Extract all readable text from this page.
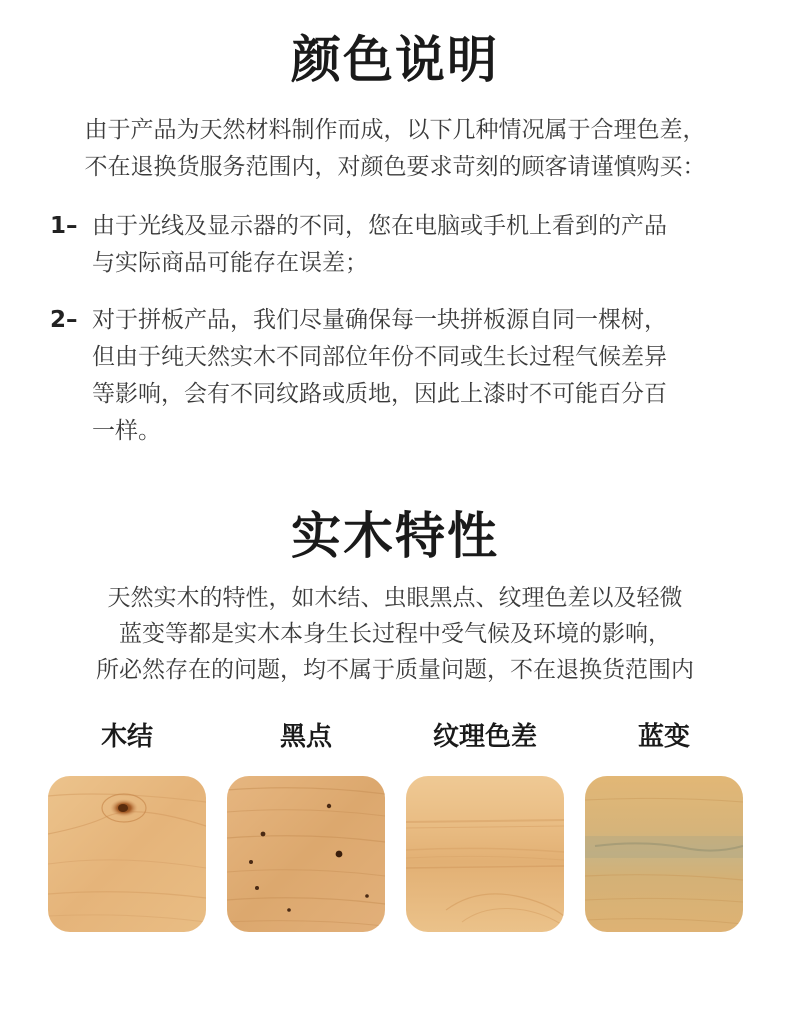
颜色说明
由于产品为天然材料制作而成，以下几种情况属于合理色差，
不在退换货服务范围内，对颜色要求苛刻的顾客请谨慎购买：
1– 由于光线及显示器的不同，您在电脑或手机上看到的产品
与实际商品可能存在误差；
2– 对于拼板产品，我们尽量确保每一块拼板源自同一棵树，
但由于纯天然实木不同部位年份不同或生长过程气候差异
等影响，会有不同纹路或质地，因此上漆时不可能百分百
一样。
实木特性
天然实木的特性，如木结、虫眼黑点、纹理色差以及轻微
蓝变等都是实木本身生长过程中受气候及环境的影响，
所必然存在的问题，均不属于质量问题，不在退换货范围内
木结	黑点	纹理色差	蓝变
